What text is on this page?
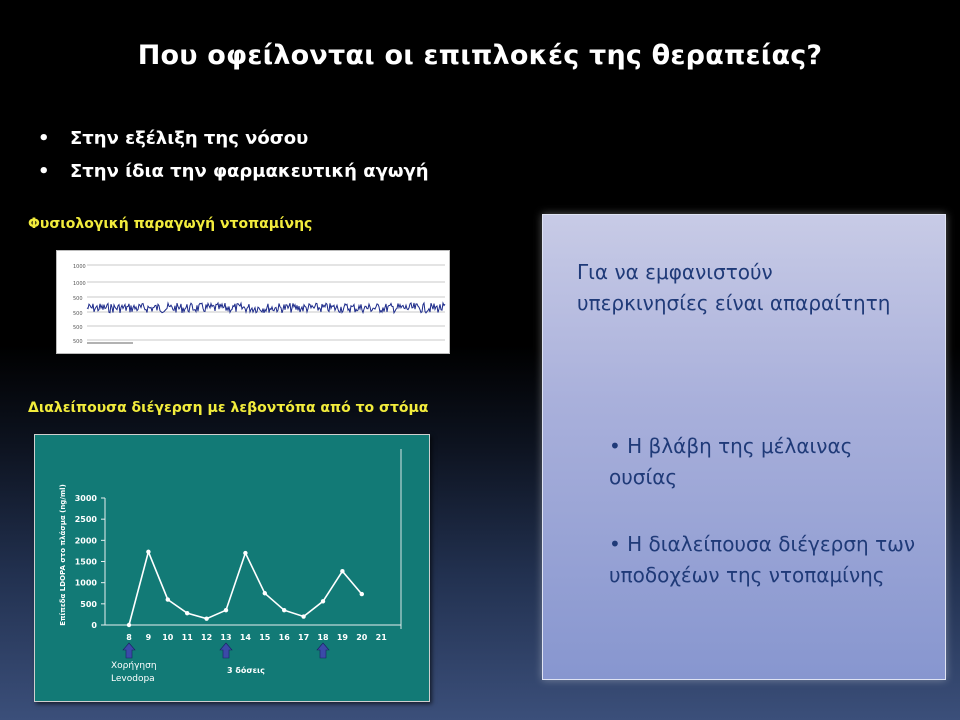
Που οφείλονται οι επιπλοκές της θεραπείας?
• Στην εξέλιξη της νόσου
• Στην ίδια την φαρμακευτική αγωγή
Φυσιολογική παραγωγή ντοπαμίνης
1000
1000
500
500
500
500
Διαλείπουσα διέγερση με λεβοντόπα από το στόμα
0
500
1000
1500
2000
2500
3000
8 9 10 11 12 13 14 15 16 17 18 19 20 21
Επίπεδα LDOPA στο πλάσμα (ng/ml)
Χορήγηση
Levodopa
3 δόσεις
Για να εμφανιστούν υπερκινησίες είναι απαραίτητη
• Η βλάβη της μέλαινας ουσίας
• Η διαλείπουσα διέγερση των υποδοχέων της ντοπαμίνης
